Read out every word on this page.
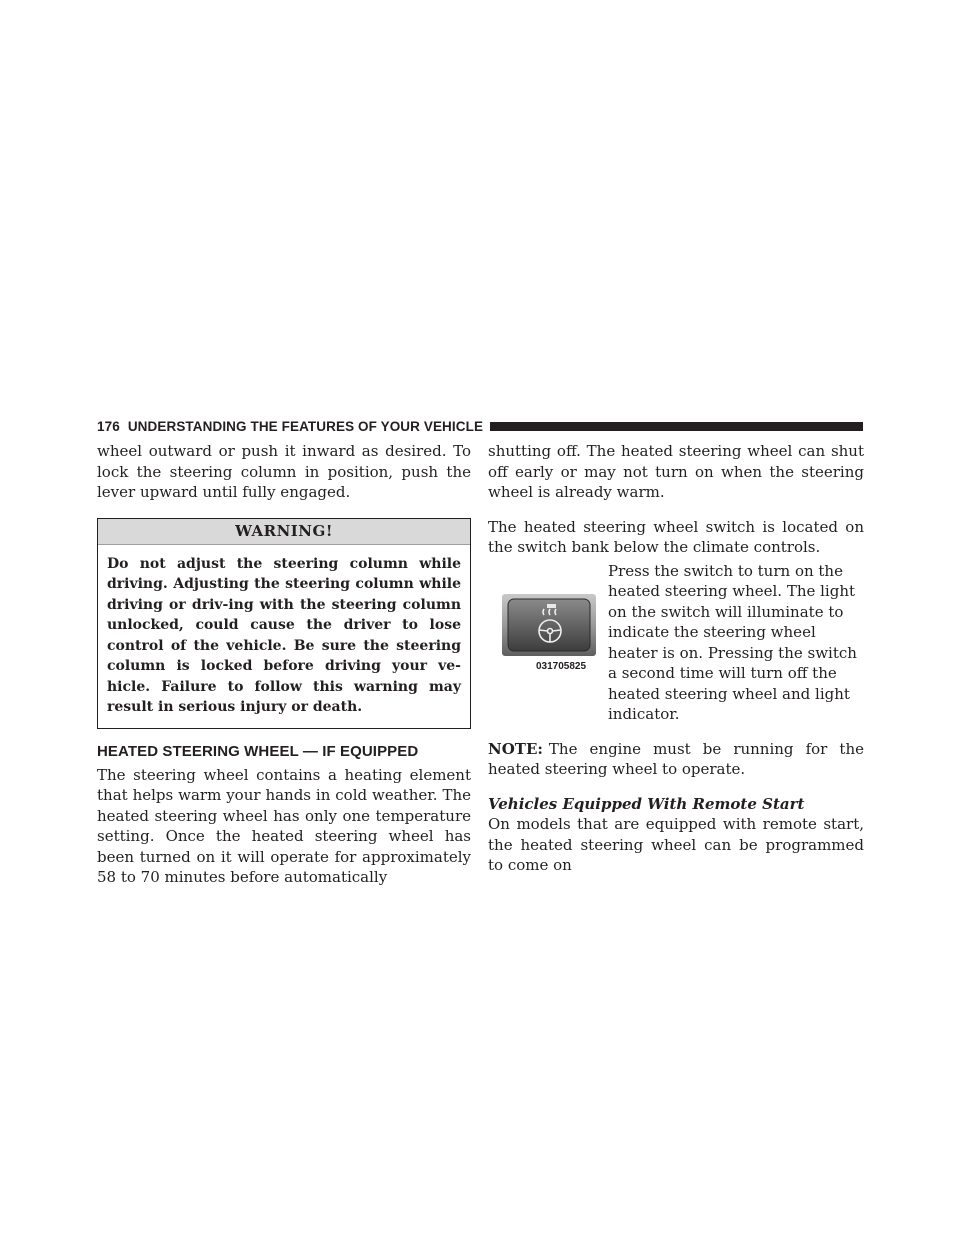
176 UNDERSTANDING THE FEATURES OF YOUR VEHICLE

wheel outward or push it inward as desired. To lock the steering column in position, push the lever upward until fully engaged.

WARNING!
Do not adjust the steering column while driving. Adjusting the steering column while driving or driv-ing with the steering column unlocked, could cause the driver to lose control of the vehicle. Be sure the steering column is locked before driving your ve-hicle. Failure to follow this warning may result in serious injury or death.
HEATED STEERING WHEEL — IF EQUIPPED

The steering wheel contains a heating element that helps warm your hands in cold weather. The heated steering wheel has only one temperature setting. Once the heated steering wheel has been turned on it will operate for approximately 58 to 70 minutes before automatically

shutting off. The heated steering wheel can shut off early or may not turn on when the steering wheel is already warm.

The heated steering wheel switch is located on the switch bank below the climate controls.

031705825

Press the switch to turn on the heated steering wheel. The light on the switch will illuminate to indicate the steering wheel heater is on. Pressing the switch a second time will turn off the heated steering wheel and light indicator.

NOTE: The engine must be running for the heated steering wheel to operate.

Vehicles Equipped With Remote Start

On models that are equipped with remote start, the heated steering wheel can be programmed to come on
